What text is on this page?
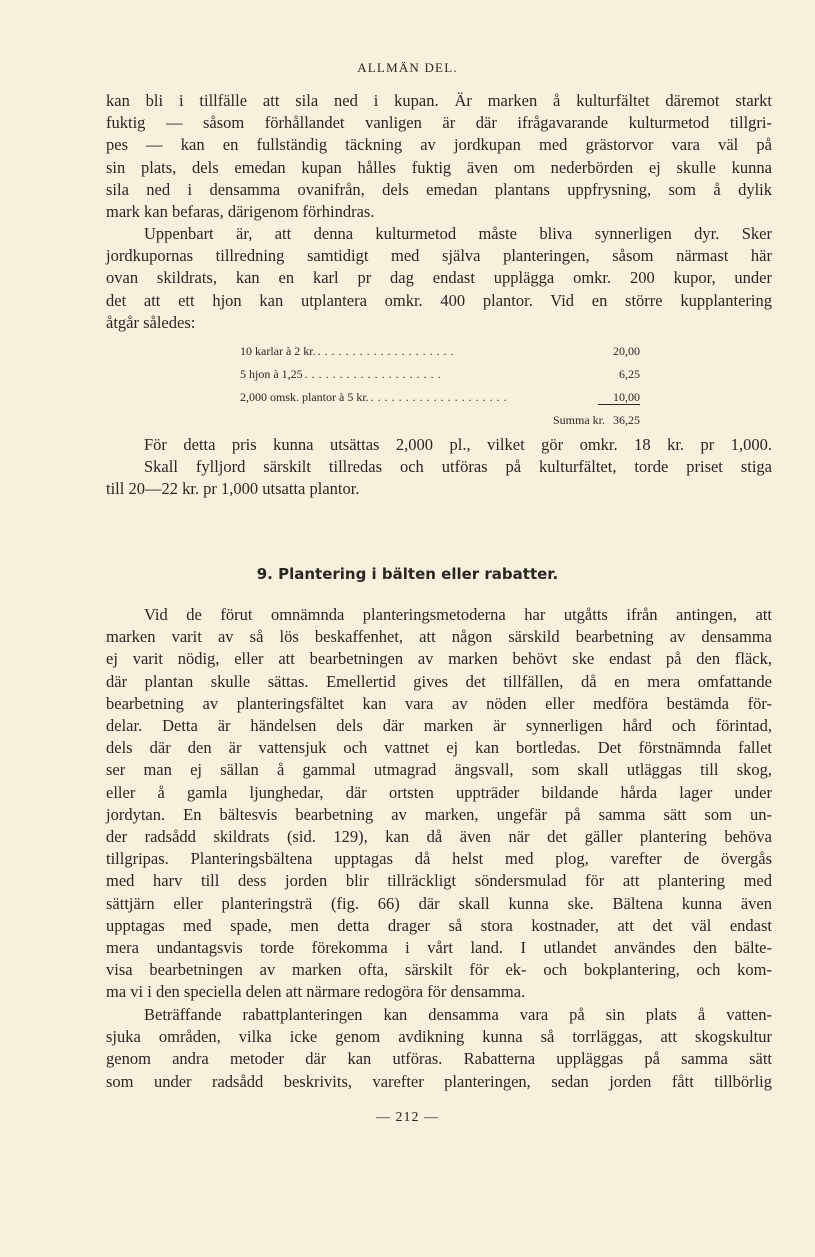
ALLMÄN DEL.

kan bli i tillfälle att sila ned i kupan. Är marken å kulturfältet däremot starkt
fuktig — såsom förhållandet vanligen är där ifrågavarande kulturmetod tillgri-
pes — kan en fullständig täckning av jordkupan med grästorvor vara väl på
sin plats, dels emedan kupan hålles fuktig även om nederbörden ej skulle kunna
sila ned i densamma ovanifrån, dels emedan plantans uppfrysning, som å dylik
mark kan befaras, därigenom förhindras.

Uppenbart är, att denna kulturmetod måste bliva synnerligen dyr. Sker
jordkupornas tillredning samtidigt med själva planteringen, såsom närmast här
ovan skildrats, kan en karl pr dag endast uppläggа omkr. 200 kupor, under
det att ett hjon kan utplantera omkr. 400 plantor. Vid en större kupplantering
åtgår således:

10 karlar à 2 kr. ....................	20,00
5 hjon à 1,25 ....................	6,25
2,000 omsk. plantor à 5 kr. ....................	10,00
Summa kr. 36,25

För detta pris kunna utsättas 2,000 pl., vilket gör omkr. 18 kr. pr 1,000.
Skall fylljord särskilt tillredas och utföras på kulturfältet, torde priset stiga
till 20—22 kr. pr 1,000 utsatta plantor.

9. Plantering i bälten eller rabatter.

Vid de förut omnämnda planteringsmetoderna har utgåtts ifrån antingen, att
marken varit av så lös beskaffenhet, att någon särskild bearbetning av densamma
ej varit nödig, eller att bearbetningen av marken behövt ske endast på den fläck,
där plantan skulle sättas. Emellertid gives det tillfällen, då en mera omfattande
bearbetning av planteringsfältet kan vara av nöden eller medföra bestämda för-
delar. Detta är händelsen dels där marken är synnerligen hård och förintad,
dels där den är vattensjuk och vattnet ej kan bortledas. Det förstnämnda fallet
ser man ej sällan å gammal utmagrad ängsvall, som skall utläggas till skog,
eller å gamla ljunghedar, där ortsten uppträder bildande hårda lager under
jordytan. En bältesvis bearbetning av marken, ungefär på samma sätt som un-
der radsådd skildrats (sid. 129), kan då även när det gäller plantering behöva
tillgripas. Planteringsbältena upptagas då helst med plog, varefter de övergås
med harv till dess jorden blir tillräckligt söndersmulad för att plantering med
sättjärn eller planteringsträ (fig. 66) där skall kunna ske. Bältena kunna även
upptagas med spade, men detta drager så stora kostnader, att det väl endast
mera undantagsvis torde förekomma i vårt land. I utlandet användes den bälte-
visa bearbetningen av marken ofta, särskilt för ek- och bokplantering, och kom-
ma vi i den speciella delen att närmare redogöra för densamma.

Beträffande rabattplanteringen kan densamma vara på sin plats å vatten-
sjuka områden, vilka icke genom avdikning kunna så torrläggas, att skogskultur
genom andra metoder där kan utföras. Rabatterna uppläggas på samma sätt
som under radsådd beskrivits, varefter planteringen, sedan jorden fått tillbörlig

— 212 —
